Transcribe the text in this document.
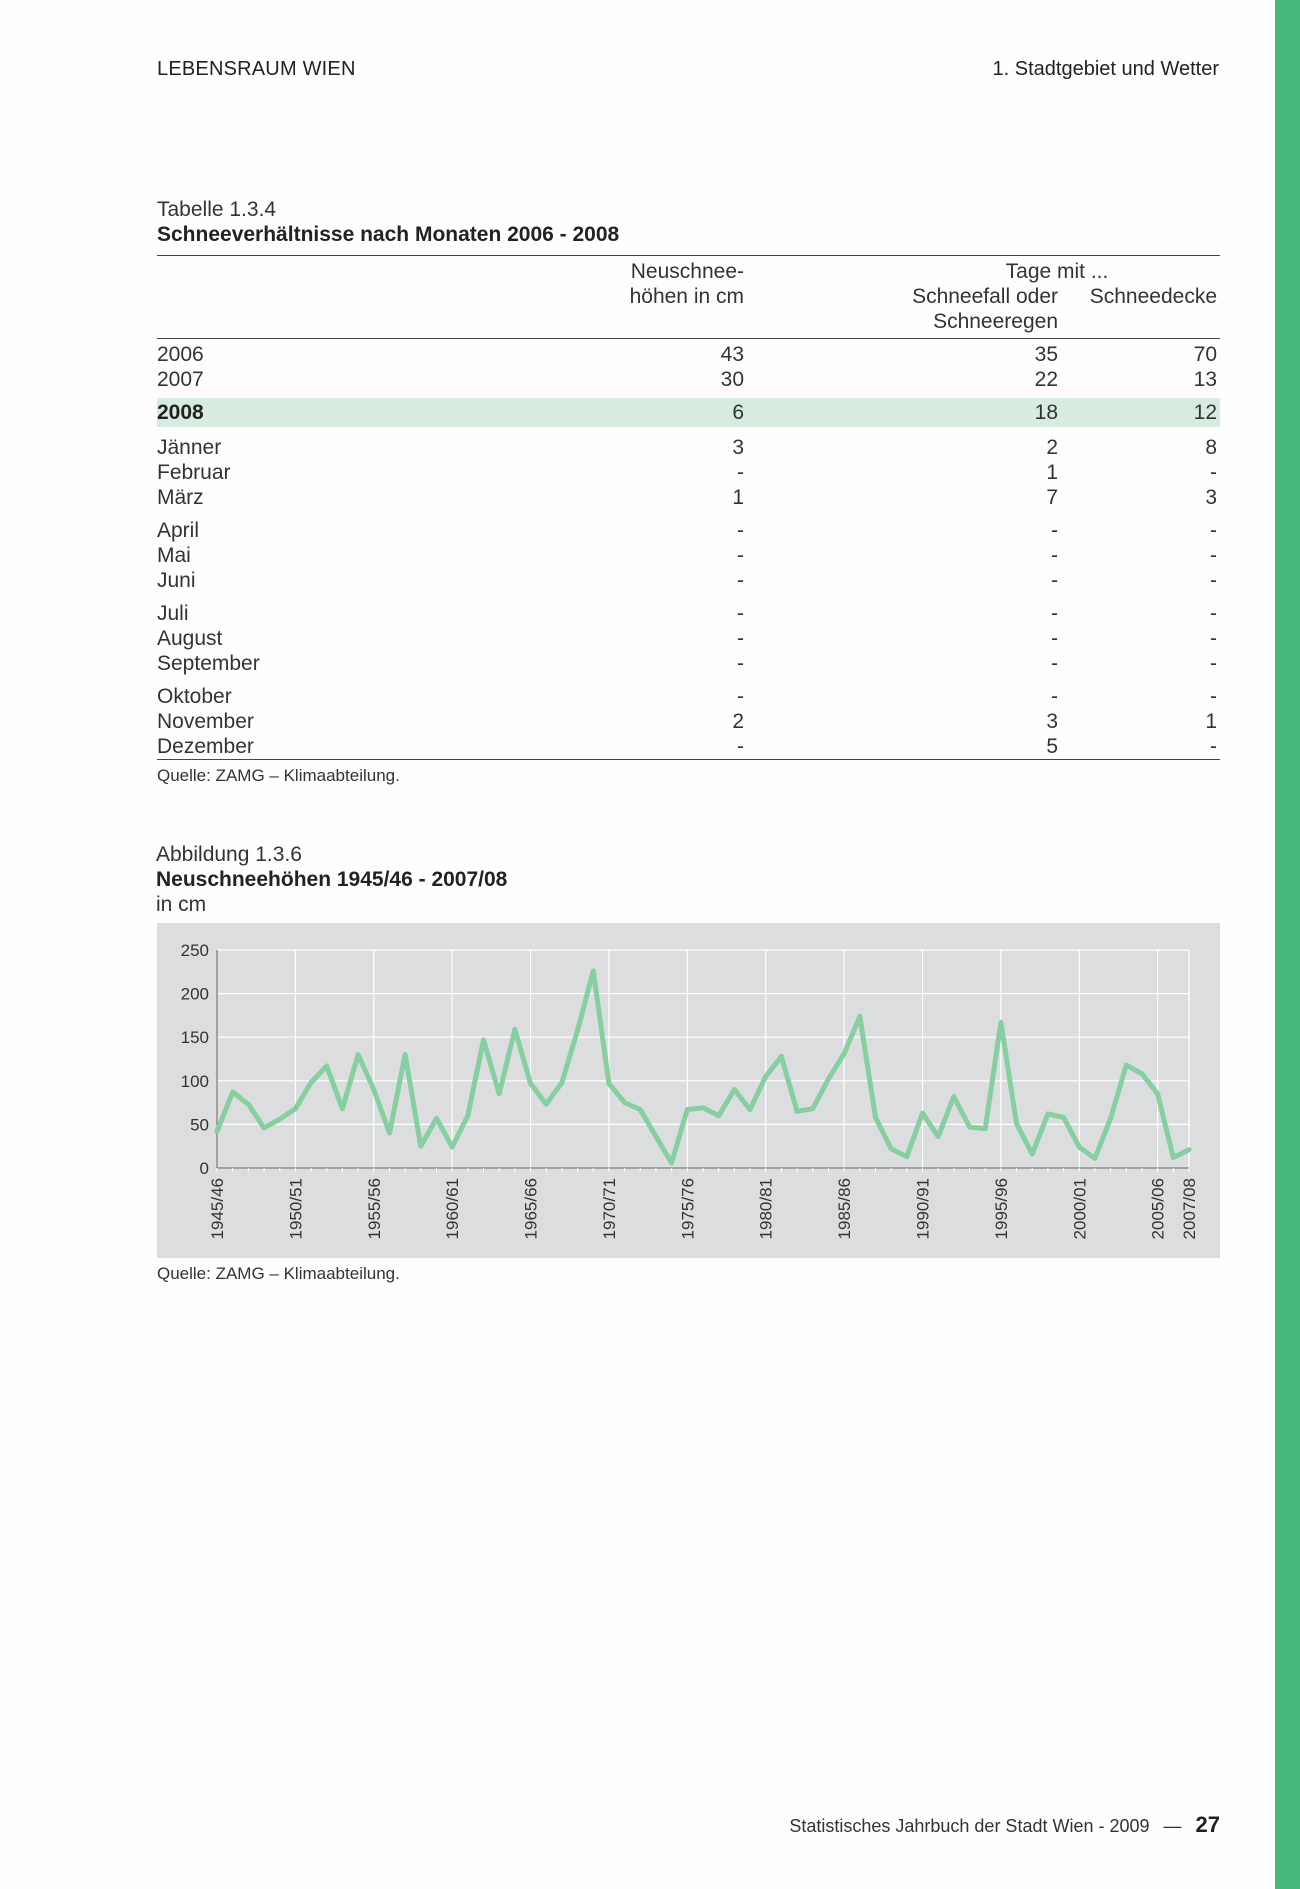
LEBENSRAUM WIEN	1. Stadtgebiet und Wetter
Tabelle 1.3.4
Schneeverhältnisse nach Monaten 2006 - 2008
	Neuschnee-	Tage mit ...	
	höhen in cm	Schneefall oder	Schneedecke
		Schneeregen	
2006	43	35	70
2007	30	22	13

2008	6	18	12
Jänner	3	2	8
Februar	-	1	-
März	1	7	3
April	-	-	-
Mai	-	-	-
Juni	-	-	-
Juli	-	-	-
August	-	-	-
September	-	-	-
Oktober	-	-	-
November	2	3	1
Dezember	-	5	-
Quelle: ZAMG – Klimaabteilung.
Abbildung 1.3.6
Neuschneehöhen 1945/46 - 2007/08
in cm
0
50
100
150
200
250
1945/46	1950/51	1955/56	1960/61	1965/66	1970/71	1975/76	1980/81	1985/86	1990/91	1995/96	2000/01	2005/06 2007/08
Quelle: ZAMG – Klimaabteilung.
Statistisches Jahrbuch der Stadt Wien - 2009 — 27
